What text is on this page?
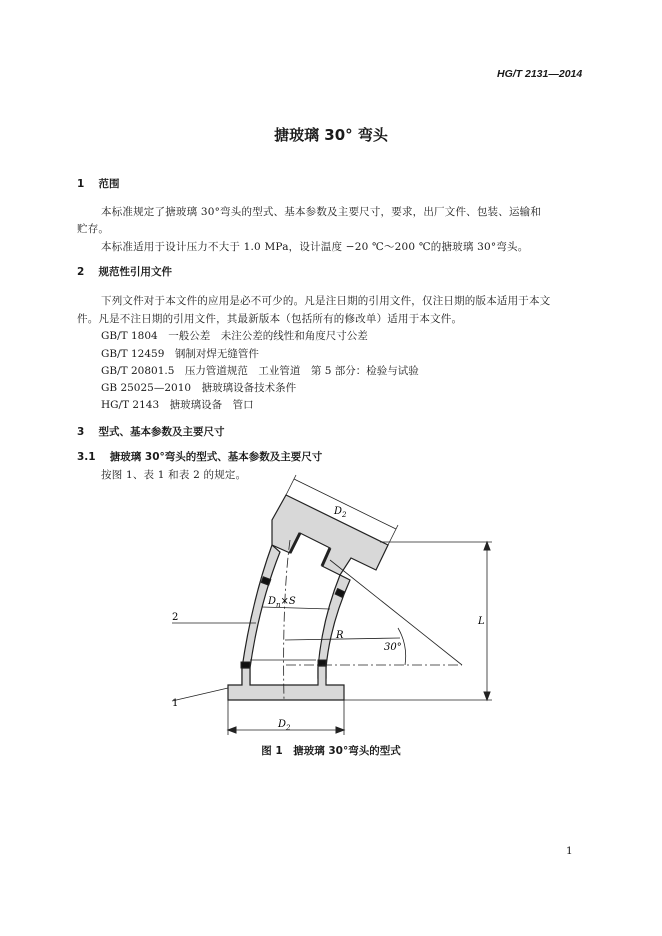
HG/T 2131—2014
搪玻璃 30° 弯头
1　 范围
本标准规定了搪玻璃 30°弯头的型式、基本参数及主要尺寸，要求，出厂文件、包装、运输和
贮存。
本标准适用于设计压力不大于 1.0 MPa，设计温度 −20 ℃～200 ℃的搪玻璃 30°弯头。
2　 规范性引用文件
下列文件对于本文件的应用是必不可少的。凡是注日期的引用文件，仅注日期的版本适用于本文
件。凡是不注日期的引用文件，其最新版本（包括所有的修改单）适用于本文件。
GB/T 1804　一般公差　未注公差的线性和角度尺寸公差
GB/T 12459　钢制对焊无缝管件
GB/T 20801.5　压力管道规范　工业管道　第 5 部分：检验与试验
GB 25025—2010　搪玻璃设备技术条件
HG/T 2143　搪玻璃设备　管口
3　 型式、基本参数及主要尺寸
3.1　 搪玻璃 30°弯头的型式、基本参数及主要尺寸
按图 1、表 1 和表 2 的规定。
$D_2$
$D_n\times S$
R
30°
L
$D_2$
2
1
图 1　搪玻璃 30°弯头的型式
1
